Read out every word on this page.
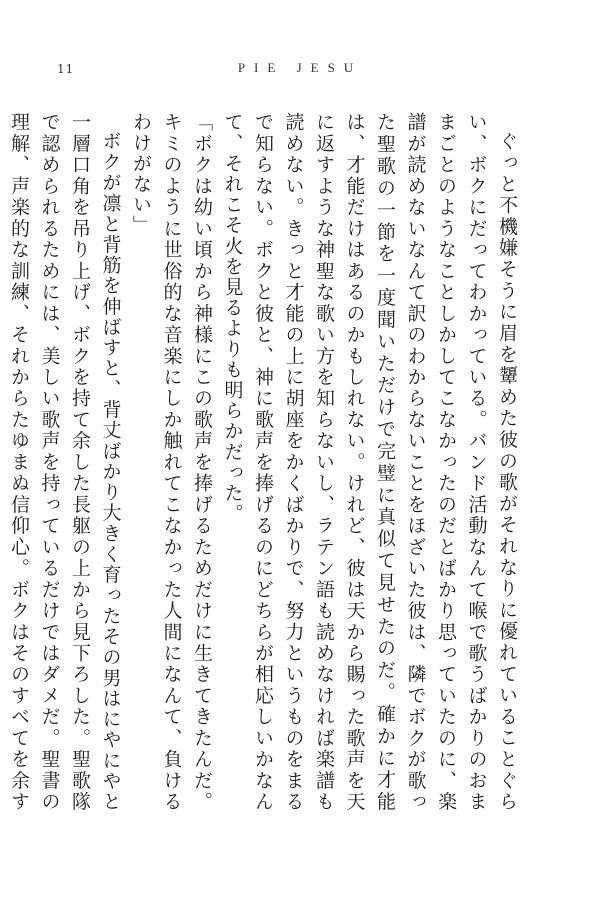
11	PIE JESU

ぐっと不機嫌そうに眉を顰めた彼の歌がそれなりに優れていることぐらい、ボクにだってわかっている。バンド活動なんて喉で歌うばかりのおままごとのようなことしかしてこなかったのだとばかり思っていたのに、楽譜が読めないなんて訳のわからないことをほざいた彼は、隣でボクが歌った聖歌の一節を一度聞いただけで完璧に真似て見せたのだ。確かに才能は、才能だけはあるのかもしれない。けれど、彼は天から賜った歌声を天に返すような神聖な歌い方を知らないし、ラテン語も読めなければ楽譜も読めない。きっと才能の上に胡座をかくばかりで、努力というものをまるで知らない。ボクと彼と、神に歌声を捧げるのにどちらが相応しいかなんて、それこそ火を見るよりも明らかだった。

「ボクは幼い頃から神様にこの歌声を捧げるためだけに生きてきたんだ。キミのように世俗的な音楽にしか触れてこなかった人間になんて、負けるわけがない」

ボクが凛と背筋を伸ばすと、背丈ばかり大きく育ったその男はにやにやと一層口角を吊り上げ、ボクを持て余した長躯の上から見下ろした。聖歌隊で認められるためには、美しい歌声を持っているだけではダメだ。聖書の理解、声楽的な訓練、それからたゆまぬ信仰心。ボクはそのすべてを余す
